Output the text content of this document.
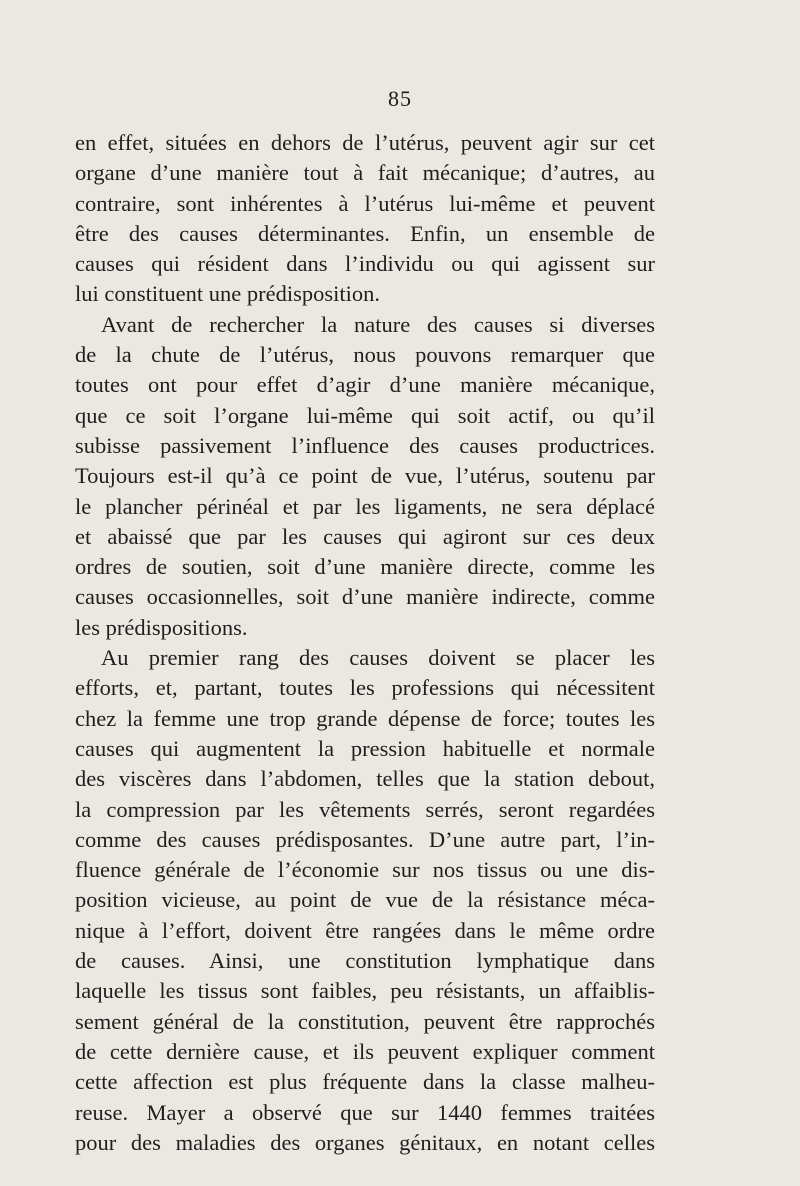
85
en effet, situées en dehors de l’utérus, peuvent agir sur cet
organe d’une manière tout à fait mécanique; d’autres, au
contraire, sont inhérentes à l’utérus lui-même et peuvent
être des causes déterminantes. Enfin, un ensemble de
causes qui résident dans l’individu ou qui agissent sur
lui constituent une prédisposition.
Avant de rechercher la nature des causes si diverses
de la chute de l’utérus, nous pouvons remarquer que
toutes ont pour effet d’agir d’une manière mécanique,
que ce soit l’organe lui-même qui soit actif, ou qu’il
subisse passivement l’influence des causes productrices.
Toujours est-il qu’à ce point de vue, l’utérus, soutenu par
le plancher périnéal et par les ligaments, ne sera déplacé
et abaissé que par les causes qui agiront sur ces deux
ordres de soutien, soit d’une manière directe, comme les
causes occasionnelles, soit d’une manière indirecte, comme
les prédispositions.
Au premier rang des causes doivent se placer les
efforts, et, partant, toutes les professions qui nécessitent
chez la femme une trop grande dépense de force; toutes les
causes qui augmentent la pression habituelle et normale
des viscères dans l’abdomen, telles que la station debout,
la compression par les vêtements serrés, seront regardées
comme des causes prédisposantes. D’une autre part, l’in-
fluence générale de l’économie sur nos tissus ou une dis-
position vicieuse, au point de vue de la résistance méca-
nique à l’effort, doivent être rangées dans le même ordre
de causes. Ainsi, une constitution lymphatique dans
laquelle les tissus sont faibles, peu résistants, un affaiblis-
sement général de la constitution, peuvent être rapprochés
de cette dernière cause, et ils peuvent expliquer comment
cette affection est plus fréquente dans la classe malheu-
reuse. Mayer a observé que sur 1440 femmes traitées
pour des maladies des organes génitaux, en notant celles
